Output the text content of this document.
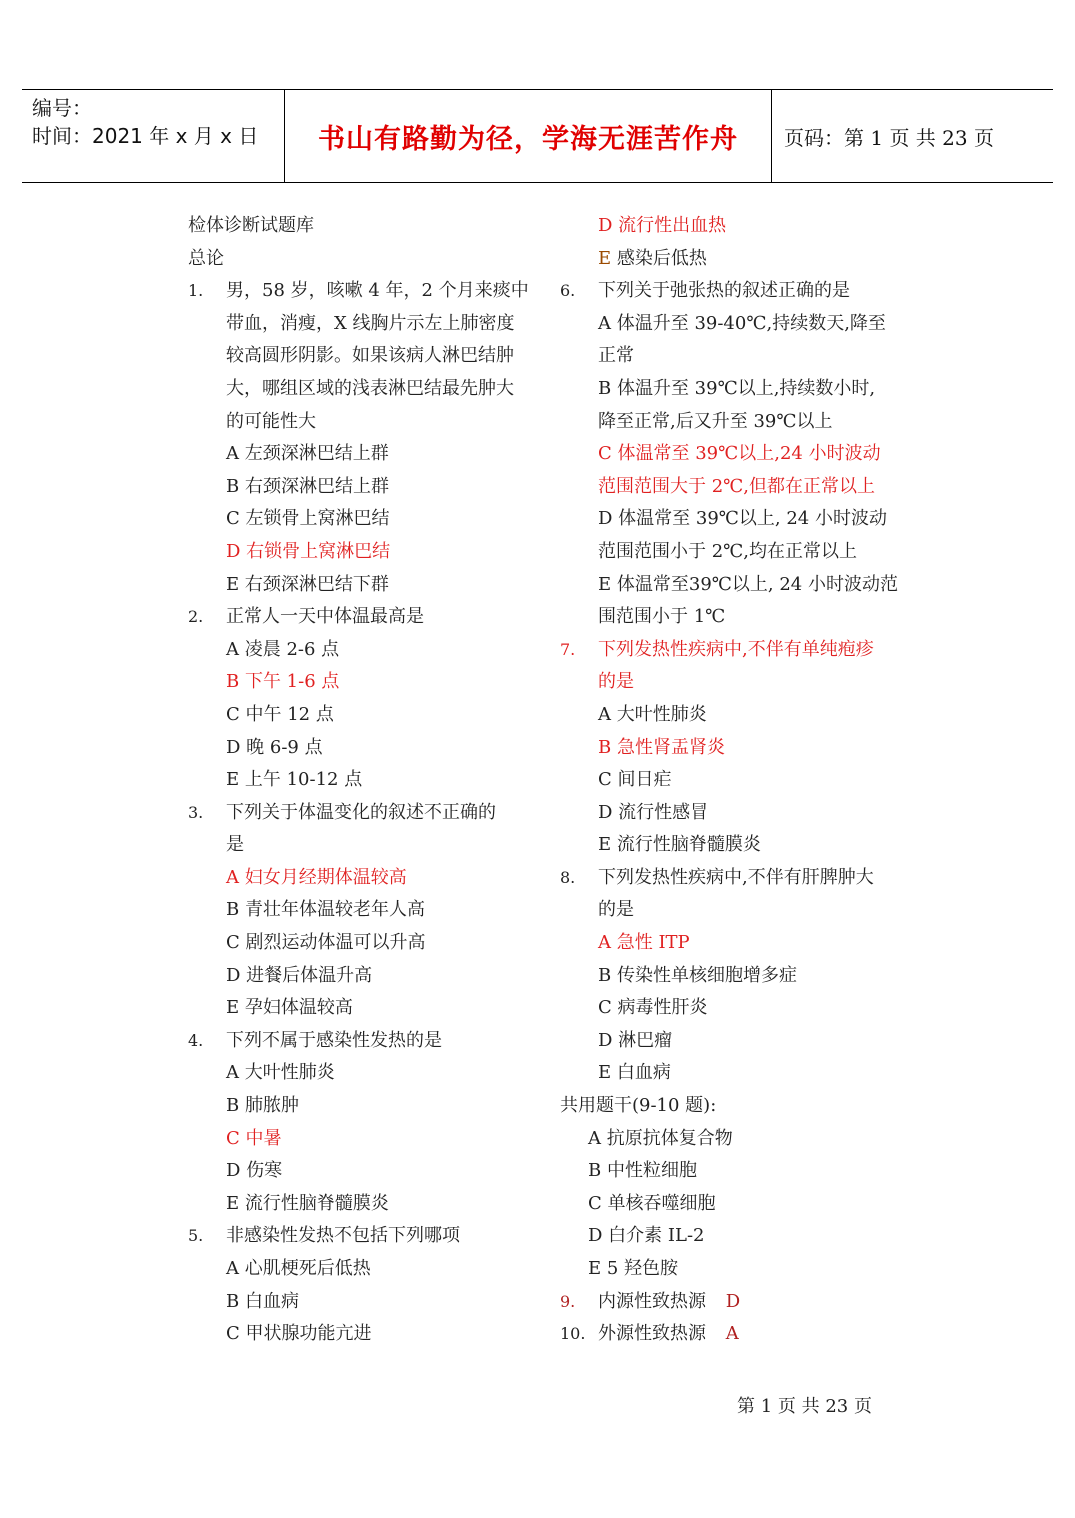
编号：
时间：2021 年 x 月 x 日 书山有路勤为径，学海无涯苦作舟 页码：第 1 页 共 23 页
检体诊断试题库
总论
1.	男，58 岁，咳嗽 4 年，2 个月来痰中
带血，消瘦，X 线胸片示左上肺密度
较高圆形阴影。如果该病人淋巴结肿
大，哪组区域的浅表淋巴结最先肿大
的可能性大
A 左颈深淋巴结上群
B 右颈深淋巴结上群
C 左锁骨上窝淋巴结
D 右锁骨上窝淋巴结
E 右颈深淋巴结下群
2.	正常人一天中体温最高是
A 凌晨 2-6 点
B 下午 1-6 点
C 中午 12 点
D 晚 6-9 点
E 上午 10-12 点
3.	下列关于体温变化的叙述不正确的
是
A 妇女月经期体温较高
B 青壮年体温较老年人高
C 剧烈运动体温可以升高
D 进餐后体温升高
E 孕妇体温较高
4.	下列不属于感染性发热的是
A 大叶性肺炎
B 肺脓肿
C 中暑
D 伤寒
E 流行性脑脊髓膜炎
5.	非感染性发热不包括下列哪项
A 心肌梗死后低热
B 白血病
C 甲状腺功能亢进
D 流行性出血热
E 感染后低热
6.	下列关于弛张热的叙述正确的是
A 体温升至 39-40℃,持续数天,降至
正常
B 体温升至 39℃以上,持续数小时,
降至正常,后又升至 39℃以上
C 体温常至 39℃以上,24 小时波动
范围范围大于 2℃,但都在正常以上
D 体温常至 39℃以上, 24 小时波动
范围范围小于 2℃,均在正常以上
E 体温常至39℃以上, 24 小时波动范
围范围小于 1℃
7.	下列发热性疾病中,不伴有单纯疱疹
的是
A 大叶性肺炎
B 急性肾盂肾炎
C 间日疟
D 流行性感冒
E 流行性脑脊髓膜炎
8.	下列发热性疾病中,不伴有肝脾肿大
的是
A 急性 ITP
B 传染性单核细胞增多症
C 病毒性肝炎
D 淋巴瘤
E 白血病
共用题干(9-10 题):
A 抗原抗体复合物
B 中性粒细胞
C 单核吞噬细胞
D 白介素 IL-2
E 5 羟色胺
9.	内源性致热源 D
10. 外源性致热源 A
第 1 页 共 23 页
